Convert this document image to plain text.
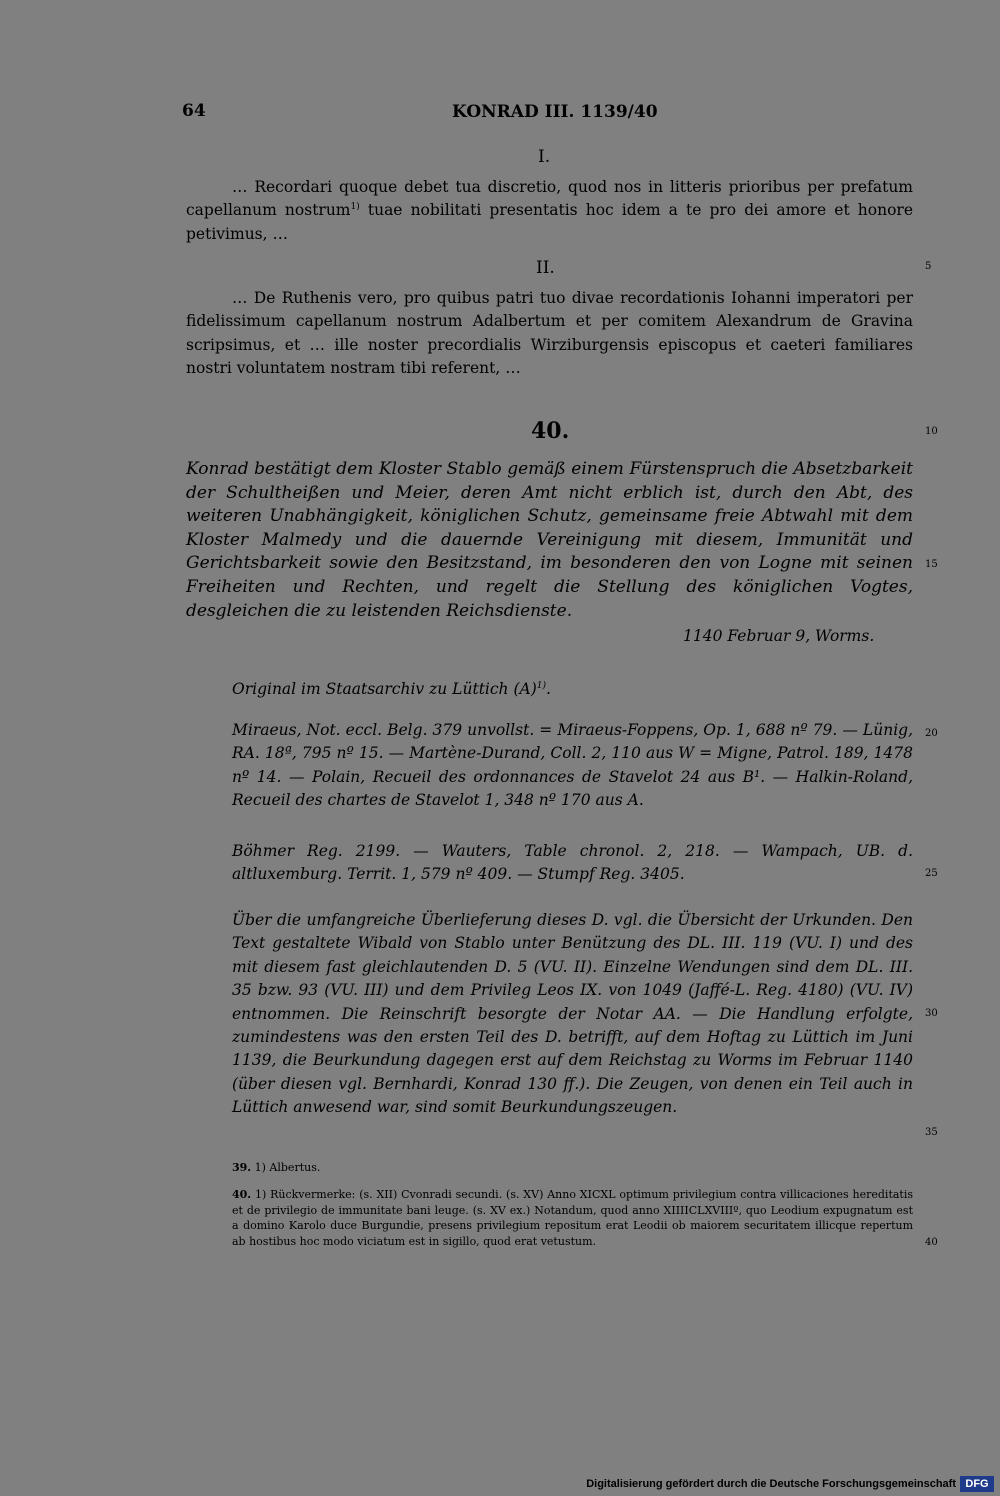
64	KONRAD III. 1139/40
I.
… Recordari quoque debet tua discretio, quod nos in litteris prioribus per prefatum capellanum nostrum$^{1)}$ tuae nobilitati presentatis hoc idem a te pro dei amore et honore petivimus, …
II.
… De Ruthenis vero, pro quibus patri tuo divae recordationis Iohanni imperatori per fidelissimum capellanum nostrum Adalbertum et per comitem Alexandrum de Gravina scripsimus, et … ille noster precordialis Wirziburgensis episcopus et caeteri familiares nostri voluntatem nostram tibi referent, …
40.
Konrad bestätigt dem Kloster Stablo gemäß einem Fürstenspruch die Absetzbarkeit der Schultheißen und Meier, deren Amt nicht erblich ist, durch den Abt, des weiteren Unabhängigkeit, königlichen Schutz, gemeinsame freie Abtwahl mit dem Kloster Malmedy und die dauernde Vereinigung mit diesem, Immunität und Gerichtsbarkeit sowie den Besitzstand, im besonderen den von Logne mit seinen Freiheiten und Rechten, und regelt die Stellung des königlichen Vogtes, desgleichen die zu leistenden Reichsdienste.
1140 Februar 9, Worms.
Original im Staatsarchiv zu Lüttich $(A)^{1)}$.
Miraeus, Not. eccl. Belg. 379 unvollst. = Miraeus-Foppens, Op. 1, 688 nº 79. — Lünig, RA. 18ª, 795 nº 15. — Martène-Durand, Coll. 2, 110 aus W = Migne, Patrol. 189, 1478 nº 14. — Polain, Recueil des ordonnances de Stavelot 24 aus B¹. — Halkin-Roland, Recueil des chartes de Stavelot 1, 348 nº 170 aus A.
Böhmer Reg. 2199. — Wauters, Table chronol. 2, 218. — Wampach, UB. d. altluxemburg. Territ. 1, 579 nº 409. — Stumpf Reg. 3405.
Über die umfangreiche Überlieferung dieses D. vgl. die Übersicht der Urkunden. Den Text gestaltete Wibald von Stablo unter Benützung des DL. III. 119 (VU. I) und des mit diesem fast gleichlautenden D. 5 (VU. II). Einzelne Wendungen sind dem DL. III. 35 bzw. 93 (VU. III) und dem Privileg Leos IX. von 1049 (Jaffé-L. Reg. 4180) (VU. IV) entnommen. Die Reinschrift besorgte der Notar AA. — Die Handlung erfolgte, zumindestens was den ersten Teil des D. betrifft, auf dem Hoftag zu Lüttich im Juni 1139, die Beurkundung dagegen erst auf dem Reichstag zu Worms im Februar 1140 (über diesen vgl. Bernhardi, Konrad 130 ff.). Die Zeugen, von denen ein Teil auch in Lüttich anwesend war, sind somit Beurkundungszeugen.
39. 1) Albertus.
40. 1) Rückvermerke: (s. XII) Cvonradi secundi. (s. XV) Anno XICXL optimum privilegium contra villicaciones hereditatis et de privilegio de immunitate bani leuge. (s. XV ex.) Notandum, quod anno XIIIICLXVIIIº, quo Leodium expugnatum est a domino Karolo duce Burgundie, presens privilegium repositum erat Leodii ob maiorem securitatem illicque repertum ab hostibus hoc modo viciatum est in sigillo, quod erat vetustum.
5
10
15
20
25
30
35
40
Digitalisierung gefördert durch die Deutsche Forschungsgemeinschaft DFG
